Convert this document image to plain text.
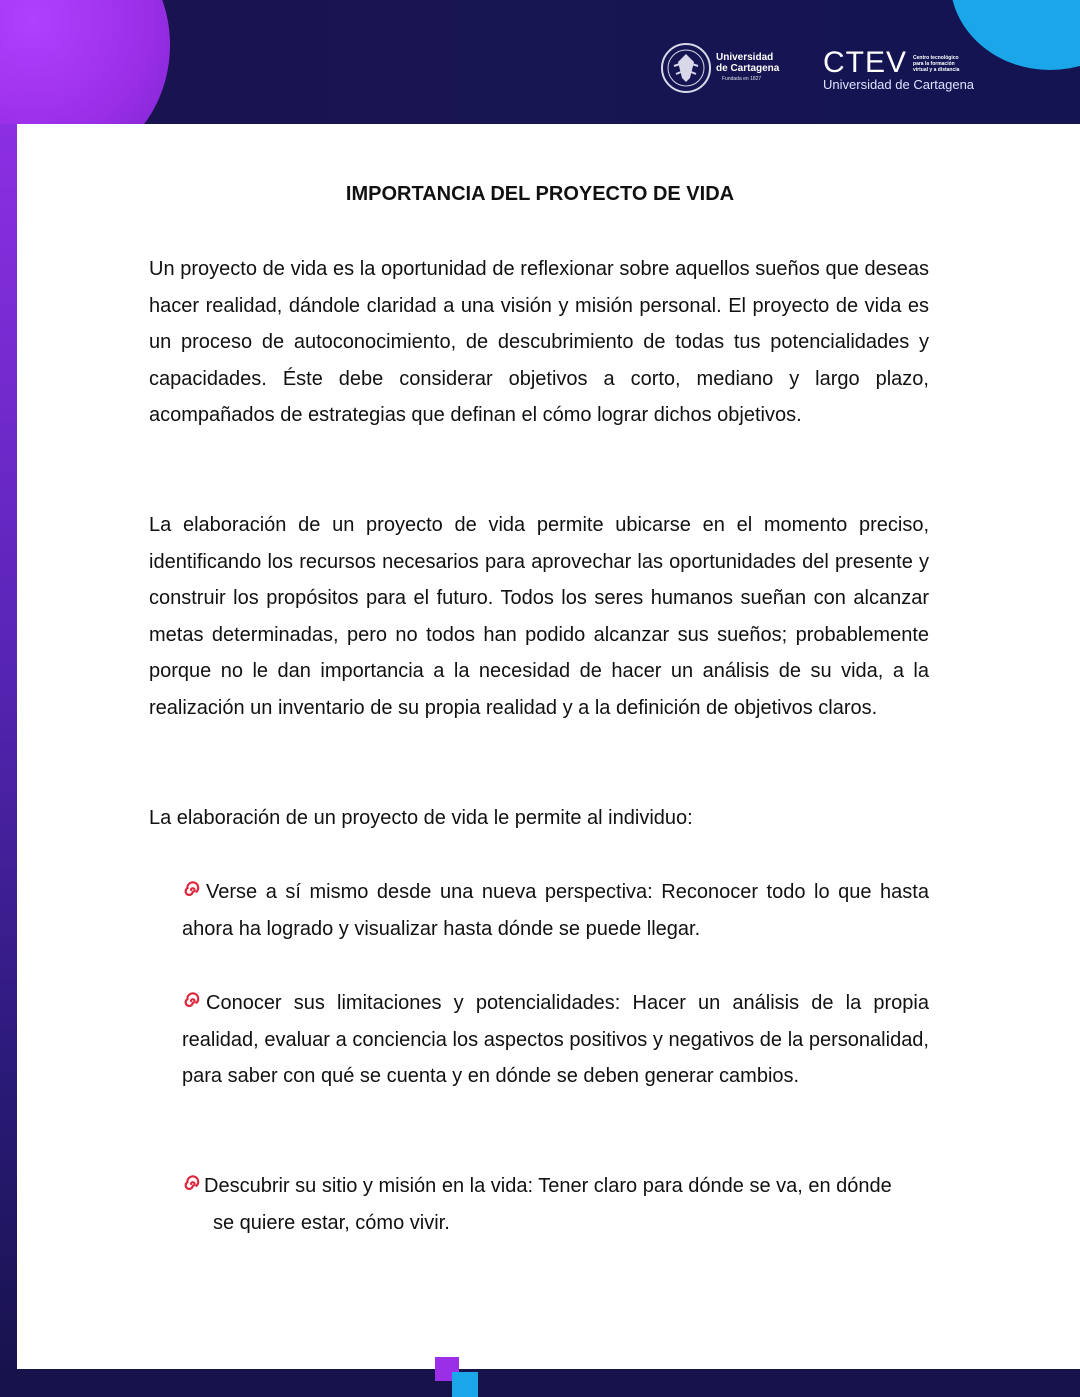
Universidad
de Cartagena
Fundada en 1827
CTEV Centro tecnológico
para la formación
virtual y a distancia
Universidad de Cartagena
IMPORTANCIA DEL PROYECTO DE VIDA

Un proyecto de vida es la oportunidad de reflexionar sobre aquellos sueños que deseas hacer realidad, dándole claridad a una visión y misión personal. El proyecto de vida es un proceso de autoconocimiento, de descubrimiento de todas tus potencialidades y capacidades. Éste debe considerar objetivos a corto, mediano y largo plazo, acompañados de estrategias que definan el cómo lograr dichos objetivos.

La elaboración de un proyecto de vida permite ubicarse en el momento preciso, identificando los recursos necesarios para aprovechar las oportunidades del presente y construir los propósitos para el futuro. Todos los seres humanos sueñan con alcanzar metas determinadas, pero no todos han podido alcanzar sus sueños; probablemente porque no le dan importancia a la necesidad de hacer un análisis de su vida, a la realización un inventario de su propia realidad y a la definición de objetivos claros.

La elaboración de un proyecto de vida le permite al individuo:

Verse a sí mismo desde una nueva perspectiva: Reconocer todo lo que hasta ahora ha logrado y visualizar hasta dónde se puede llegar.

Conocer sus limitaciones y potencialidades: Hacer un análisis de la propia realidad, evaluar a conciencia los aspectos positivos y negativos de la personalidad, para saber con qué se cuenta y en dónde se deben generar cambios.

Descubrir su sitio y misión en la vida: Tener claro para dónde se va, en dónde

se quiere estar, cómo vivir.
